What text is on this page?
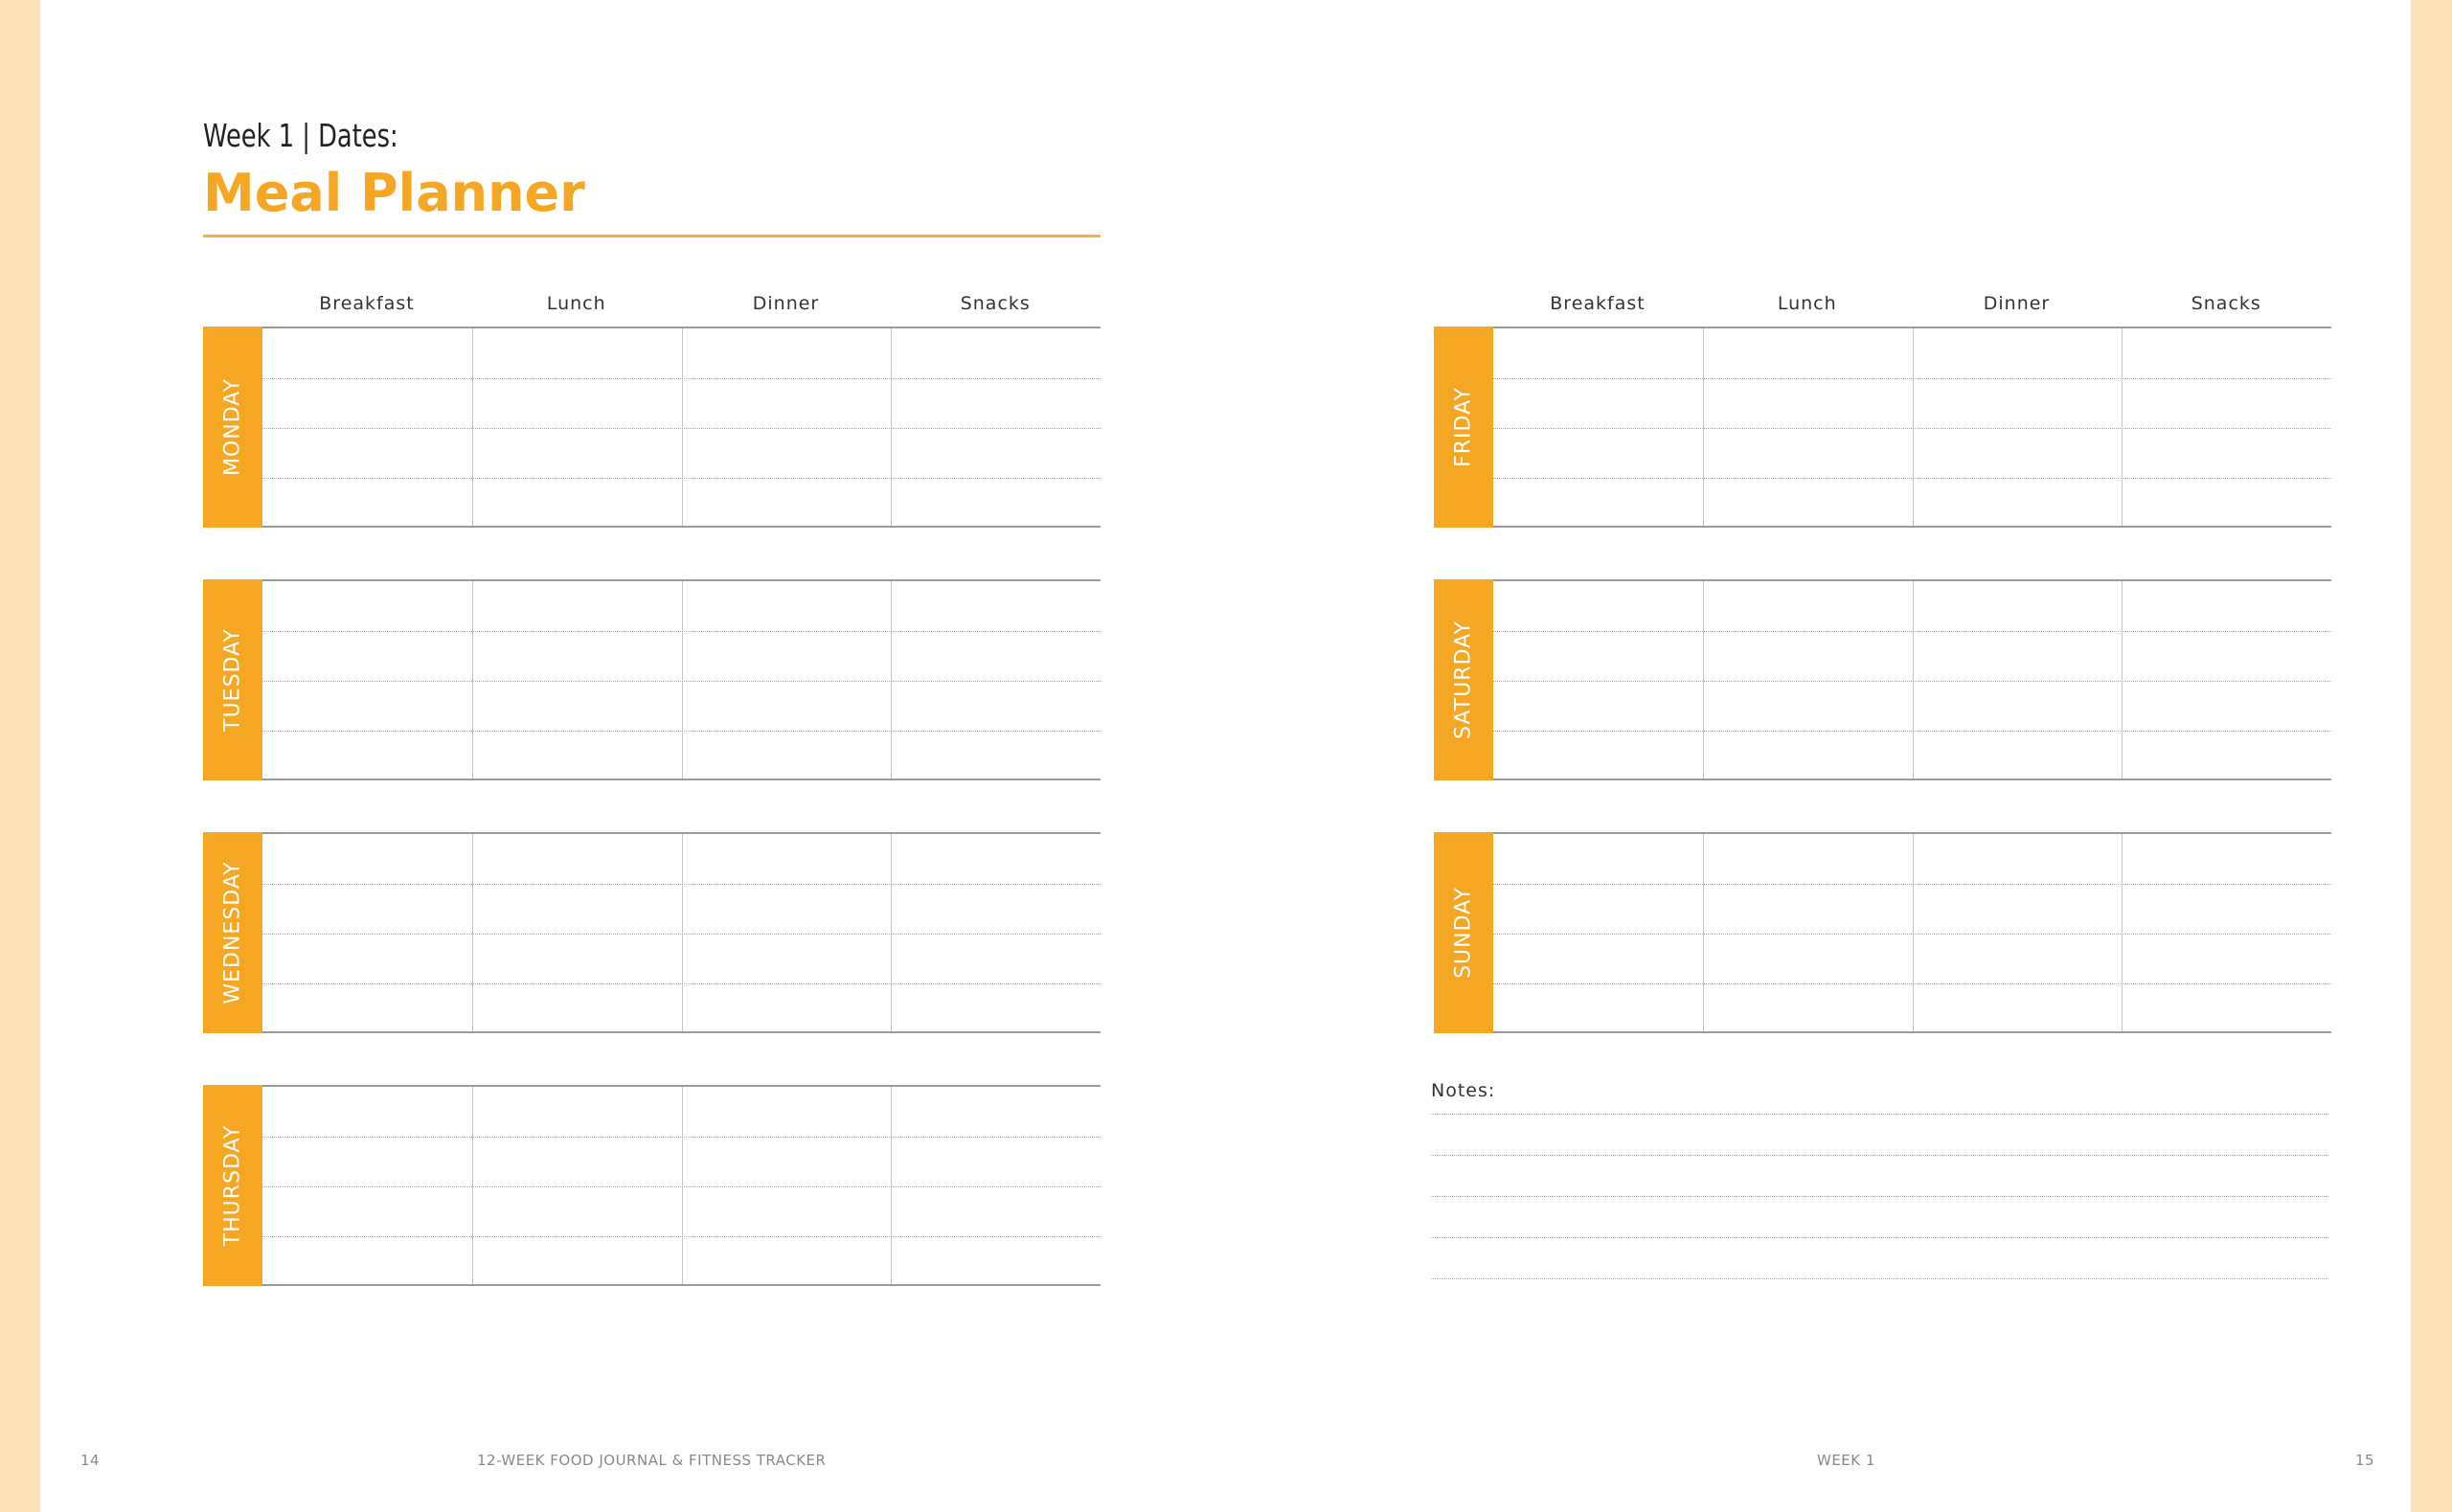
Week 1 | Dates:
Meal Planner
Breakfast	Lunch	Dinner	Snacks
MONDAY
TUESDAY
WEDNESDAY
THURSDAY
Breakfast	Lunch	Dinner	Snacks
FRIDAY
SATURDAY
SUNDAY
Notes:
14	12-WEEK FOOD JOURNAL & FITNESS TRACKER	WEEK 1	15
